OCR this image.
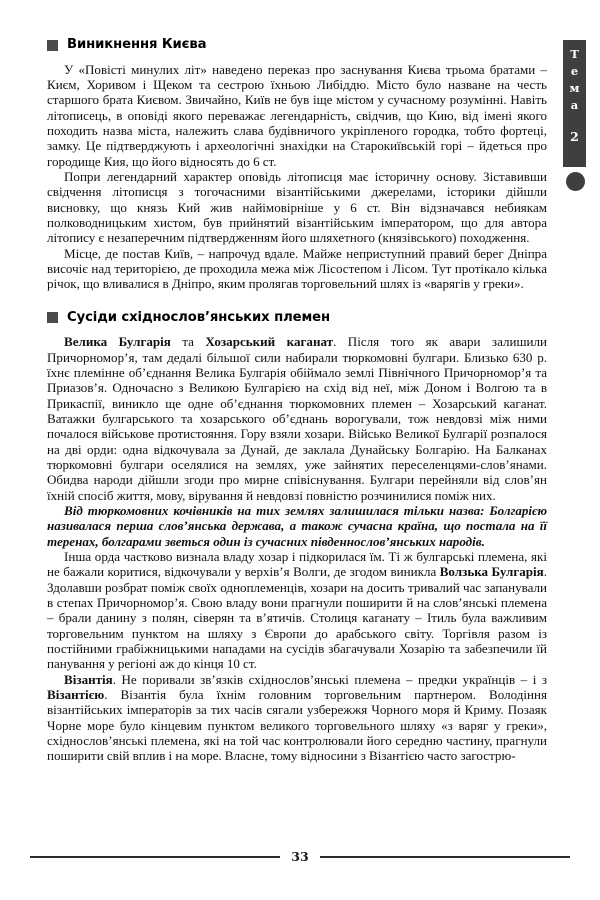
Виникнення Києва

У «Повісті минулих літ» наведено переказ про заснування Києва трьома братами – Києм, Хоривом і Щеком та сестрою їхньою Либіддю. Місто було назване на честь старшого брата Києвом. Звичайно, Київ не був іще містом у сучасному розумінні. Навіть літописець, в оповіді якого переважає легендарність, свідчив, що Кию, від імені якого походить назва міста, належить слава будівничого укріпленого городка, тобто фортеці, замку. Це підтверджують і археологічні знахідки на Старокиївській горі – йдеться про городище Кия, що його відносять до 6 ст.

Попри легендарний характер оповідь літописця має історичну основу. Зіставивши свідчення літописця з тогочасними візантійськими джерелами, історики дійшли висновку, що князь Кий жив найімовірніше у 6 ст. Він відзначався небиякам полководницьким хистом, був прийнятий візантійським імператором, що для автора літопису є незаперечним підтвердженням його шляхетного (князівського) походження.

Місце, де постав Київ, – напрочуд вдале. Майже неприступний правий берег Дніпра височіє над територією, де проходила межа між Лісостепом і Лісом. Тут протікало кілька річок, що вливалися в Дніпро, яким пролягав торговельний шлях із «варягів у греки».

Сусіди східнослов’янських племен

Велика Булгарія та Хозарський каганат. Після того як авари залишили Причорномор’я, там дедалі більшої сили набирали тюркомовні булгари. Близько 630 р. їхнє племінне об’єднання Велика Булгарія обіймало землі Північного Причорномор’я та Приазов’я. Одночасно з Великою Булгарією на схід від неї, між Доном і Волгою та в Прикаспії, виникло ще одне об’єднання тюркомовних племен – Хозарський каганат. Ватажки булгарського та хозарського об’єднань ворогували, тож невдовзі між ними почалося військове протистояння. Гору взяли хозари. Військо Великої Булгарії розпалося на дві орди: одна відкочувала за Дунай, де заклала Дунайську Болгарію. На Балканах тюркомовні булгари оселялися на землях, уже зайнятих переселенцями-слов’янами. Обидва народи дійшли згоди про мирне співіснування. Булгари перейняли від слов’ян їхній спосіб життя, мову, вірування й невдовзі повністю розчинилися поміж них.

Від тюркомовних кочівників на тих землях залишилася тільки назва: Болгарією називалася перша слов’янська держава, а також сучасна країна, що постала на її теренах, болгарами зветься один із сучасних південнослов’янських народів.

Інша орда частково визнала владу хозар і підкорилася їм. Ті ж булгарські племена, які не бажали коритися, відкочували у верхів’я Волги, де згодом виникла Волзька Булгарія. Здолавши розбрат поміж своїх одноплеменців, хозари на досить тривалий час запанували в степах Причорномор’я. Свою владу вони прагнули поширити й на слов’янські племена – брали данину з полян, сіверян та в’ятичів. Столиця каганату – Ітиль була важливим торговельним пунктом на шляху з Європи до арабського світу. Торгівля разом із постійними грабіжницькими нападами на сусідів збагачували Хозарію та забезпечили їй панування у регіоні аж до кінця 10 ст.

Візантія. Не поривали зв’язків східнослов’янські племена – предки українців – і з Візантією. Візантія була їхнім головним торговельним партнером. Володіння візантійських імператорів за тих часів сягали узбережжя Чорного моря й Криму. Позаяк Чорне море було кінцевим пунктом великого торговельного шляху «з варяг у греки», східнослов’янські племена, які на той час контролювали його середню частину, прагнули поширити свій вплив і на море. Власне, тому відносини з Візантією часто загострю-

Т
е
м
а
2
33
